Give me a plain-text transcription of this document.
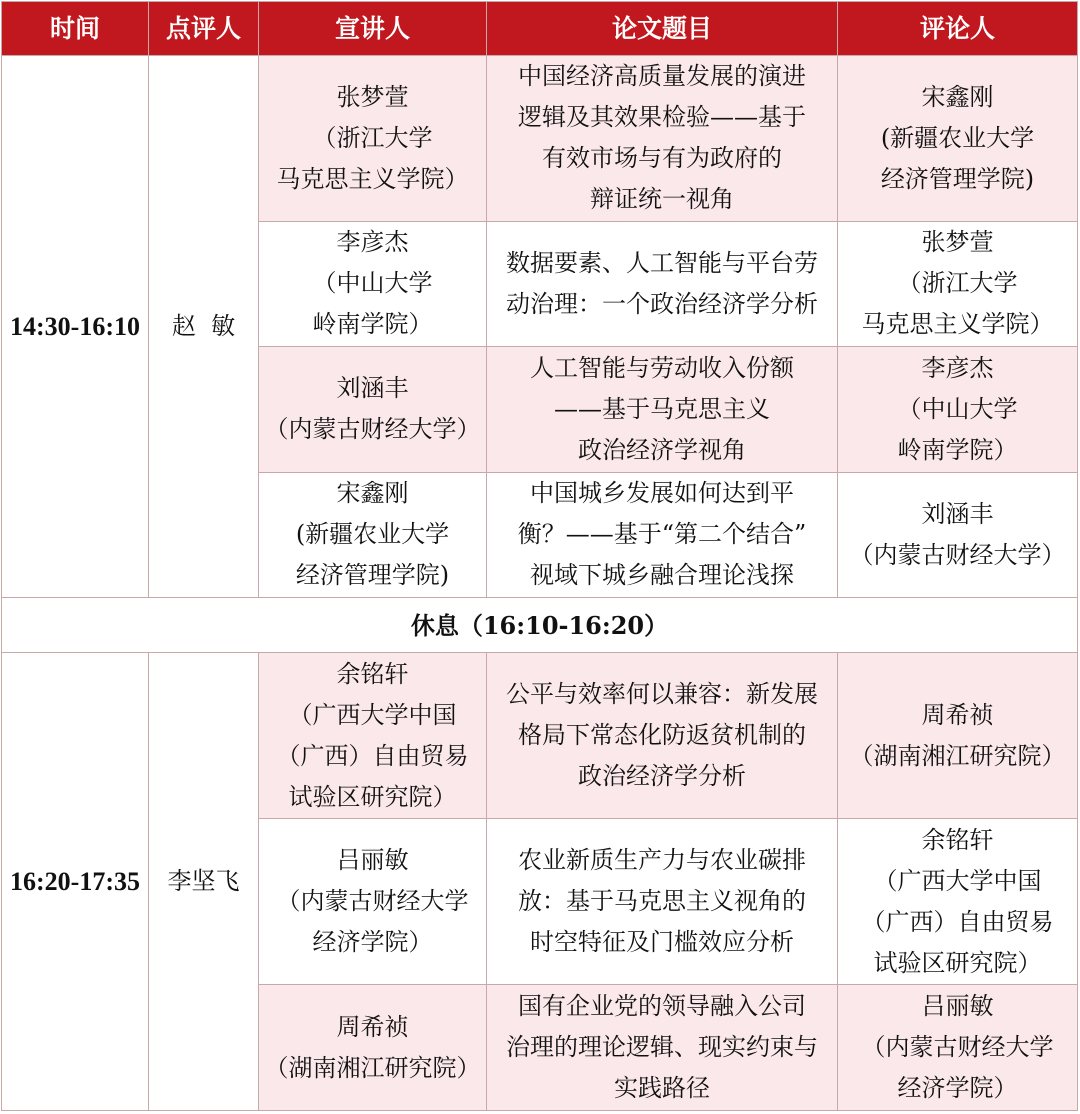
时间	点评人	宣讲人	论文题目	评论人
14:30-16:10	赵  敏	张梦萱
（浙江大学
马克思主义学院）	中国经济高质量发展的演进
逻辑及其效果检验——基于
有效市场与有为政府的
辩证统一视角	宋鑫刚
(新疆农业大学
经济管理学院)

		李彦杰
（中山大学
岭南学院）	数据要素、人工智能与平台劳
动治理：一个政治经济学分析	张梦萱
（浙江大学
马克思主义学院）

		刘涵丰
（内蒙古财经大学）	人工智能与劳动收入份额
——基于马克思主义
政治经济学视角	李彦杰
（中山大学
岭南学院）

		宋鑫刚
(新疆农业大学
经济管理学院)	中国城乡发展如何达到平
衡？——基于“第二个结合”
视域下城乡融合理论浅探	刘涵丰
（内蒙古财经大学）

休息（16:10-16:20）				
16:20-17:35	李坚飞	余铭轩
（广西大学中国
（广西）自由贸易
试验区研究院）	公平与效率何以兼容：新发展
格局下常态化防返贫机制的
政治经济学分析	周希祯
（湖南湘江研究院）

		吕丽敏
（内蒙古财经大学
经济学院）	农业新质生产力与农业碳排
放：基于马克思主义视角的
时空特征及门槛效应分析	余铭轩
（广西大学中国
（广西）自由贸易
试验区研究院）

		周希祯
（湖南湘江研究院）	国有企业党的领导融入公司
治理的理论逻辑、现实约束与
实践路径	吕丽敏
（内蒙古财经大学
经济学院）
